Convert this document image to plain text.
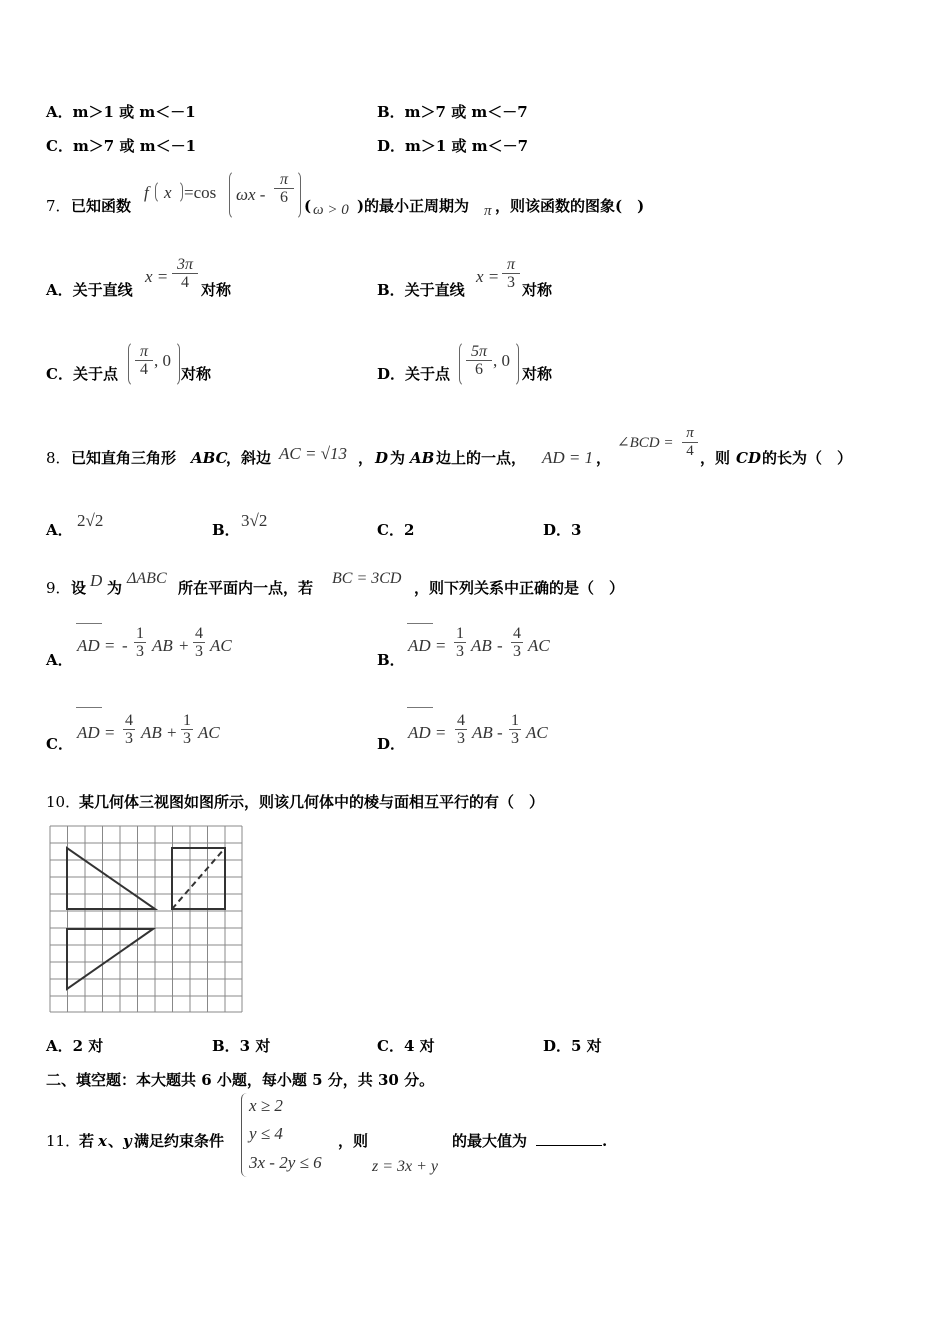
A．m＞1 或 m＜－1	B．m＞7 或 m＜－7
C．m＞7 或 m＜－1	D．m＞1 或 m＜－7
7． 已知函数
f x =cos ωx -
π
6 ( ω > 0 ) 的最小正周期为 π ，则该函数的图象(　)
A．关于直线
x =
3π
4 对称	B．关于直线
x =
π
3 对称
C．关于点
π
4 , 0
对称	D．关于点
5π
6 , 0
对称
8． 已知直角三角形 ABC
，斜边 AC = √13 ， D 为 AB 边上的一点， AD = 1 ，
∠BCD =
π
4 ，则 CD 的长为（　）
A． 2√2	B． 3√2	C．2	D．3
9． 设 D 为
ΔABC
所在平面内一点，若
BC = 3CD
，则下列关系中正确的是（　）
A．
AD = -
1
3 AB +
4
3 AC
B．
AD =
1
3 AB -
4
3 AC
C．
AD =
4
3 AB +
1
3 AC
D．
AD =
4
3 AB -
1
3 AC
10．
某几何体三视图如图所示，则该几何体中的棱与面相互平行的有（　）
A．2 对	B．3 对	C．4 对	D．5 对
二、填空题：本大题共 6 小题，每小题 5 分，共 30 分。
11．
若 x 、 y 满足约束条件
x ≥ 2
y ≤ 4
3x - 2y ≤ 6
，则
z = 3x + y
的最大值为	.
